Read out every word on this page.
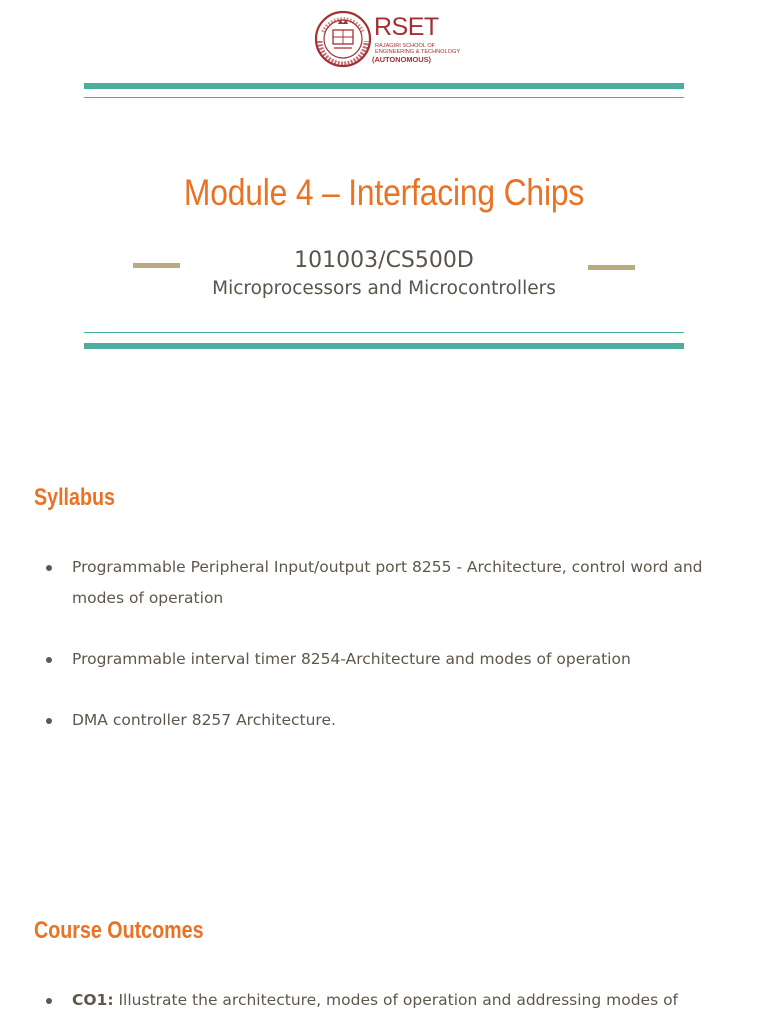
RSET
RAJAGIRI SCHOOL OF
ENGINEERING & TECHNOLOGY
(AUTONOMOUS)
Module 4 – Interfacing Chips
101003/CS500D
Microprocessors and Microcontrollers
Syllabus
Programmable Peripheral Input/output port 8255 - Architecture, control word and modes of operation
Programmable interval timer 8254-Architecture and modes of operation
DMA controller 8257 Architecture.
Course Outcomes
CO1: Illustrate the architecture, modes of operation and addressing modes of
